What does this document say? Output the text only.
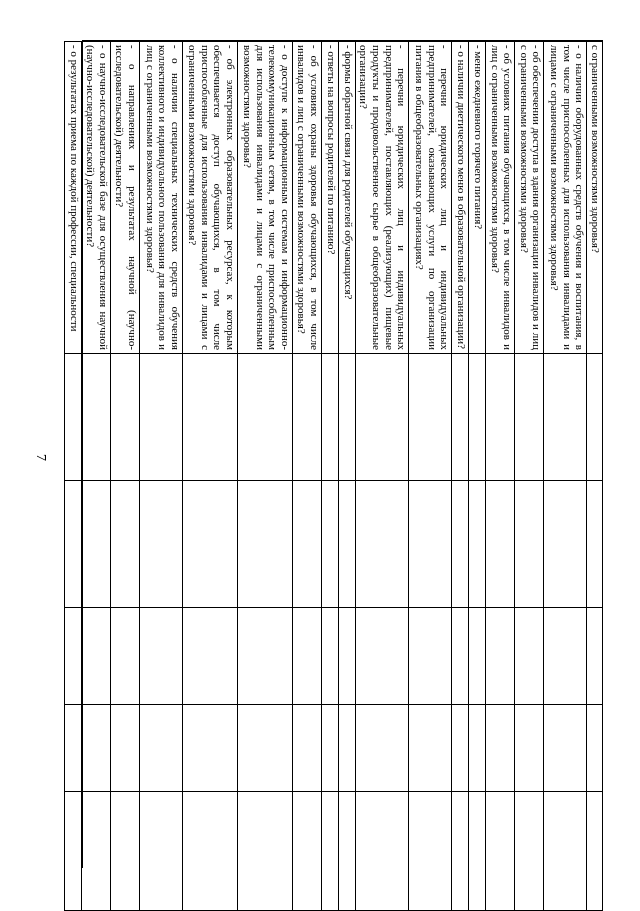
7
с ограниченными возможностями здоровья?					
- о наличии оборудованных средств обучения и воспитания, в том числе приспособленных для использования инвалидами и лицами с ограниченными возможностями здоровья?					
- об обеспечении доступа в здания организации инвалидов и лиц с ограниченными возможностями здоровья?					
- об условиях питания обучающихся, в том числе инвалидов и лиц с ограниченными возможностями здоровья?					
- меню ежедневного горячего питания?					
- о наличии диетического меню в образовательной организации?					
- перечни юридических лиц и индивидуальных предпринимателей, оказывающих услуги по организации питания в общеобразовательных организациях?					
- перечни юридических лиц и индивидуальных предпринимателей, поставляющих (реализующих) пищевые продукты и продовольственное сырье в общеобразовательные организации?					
- формы обратной связи для родителей обучающихся?					
- ответы на вопросы родителей по питанию?					
- об условиях охраны здоровья обучающихся, в том числе инвалидов и лиц с ограниченными возможностями здоровья?					
- о доступе к информационным системам и информационно-телекоммуникационным сетям, в том числе приспособленным для использования инвалидами и лицами с ограниченными возможностями здоровья?					
- об электронных образовательных ресурсах, к которым обеспечивается доступ обучающихся, в том числе приспособленные для использования инвалидами и лицами с ограниченными возможностями здоровья?					
- о наличии специальных технических средств обучения коллективного и индивидуального пользования для инвалидов и лиц с ограниченными возможностями здоровья?					
- о направлениях и результатах научной (научно-исследовательской) деятельности?					
- о научно-исследовательской базе для осуществления научной (научно-исследовательской) деятельности?					
- о результатах приема по каждой профессии, специальности					
